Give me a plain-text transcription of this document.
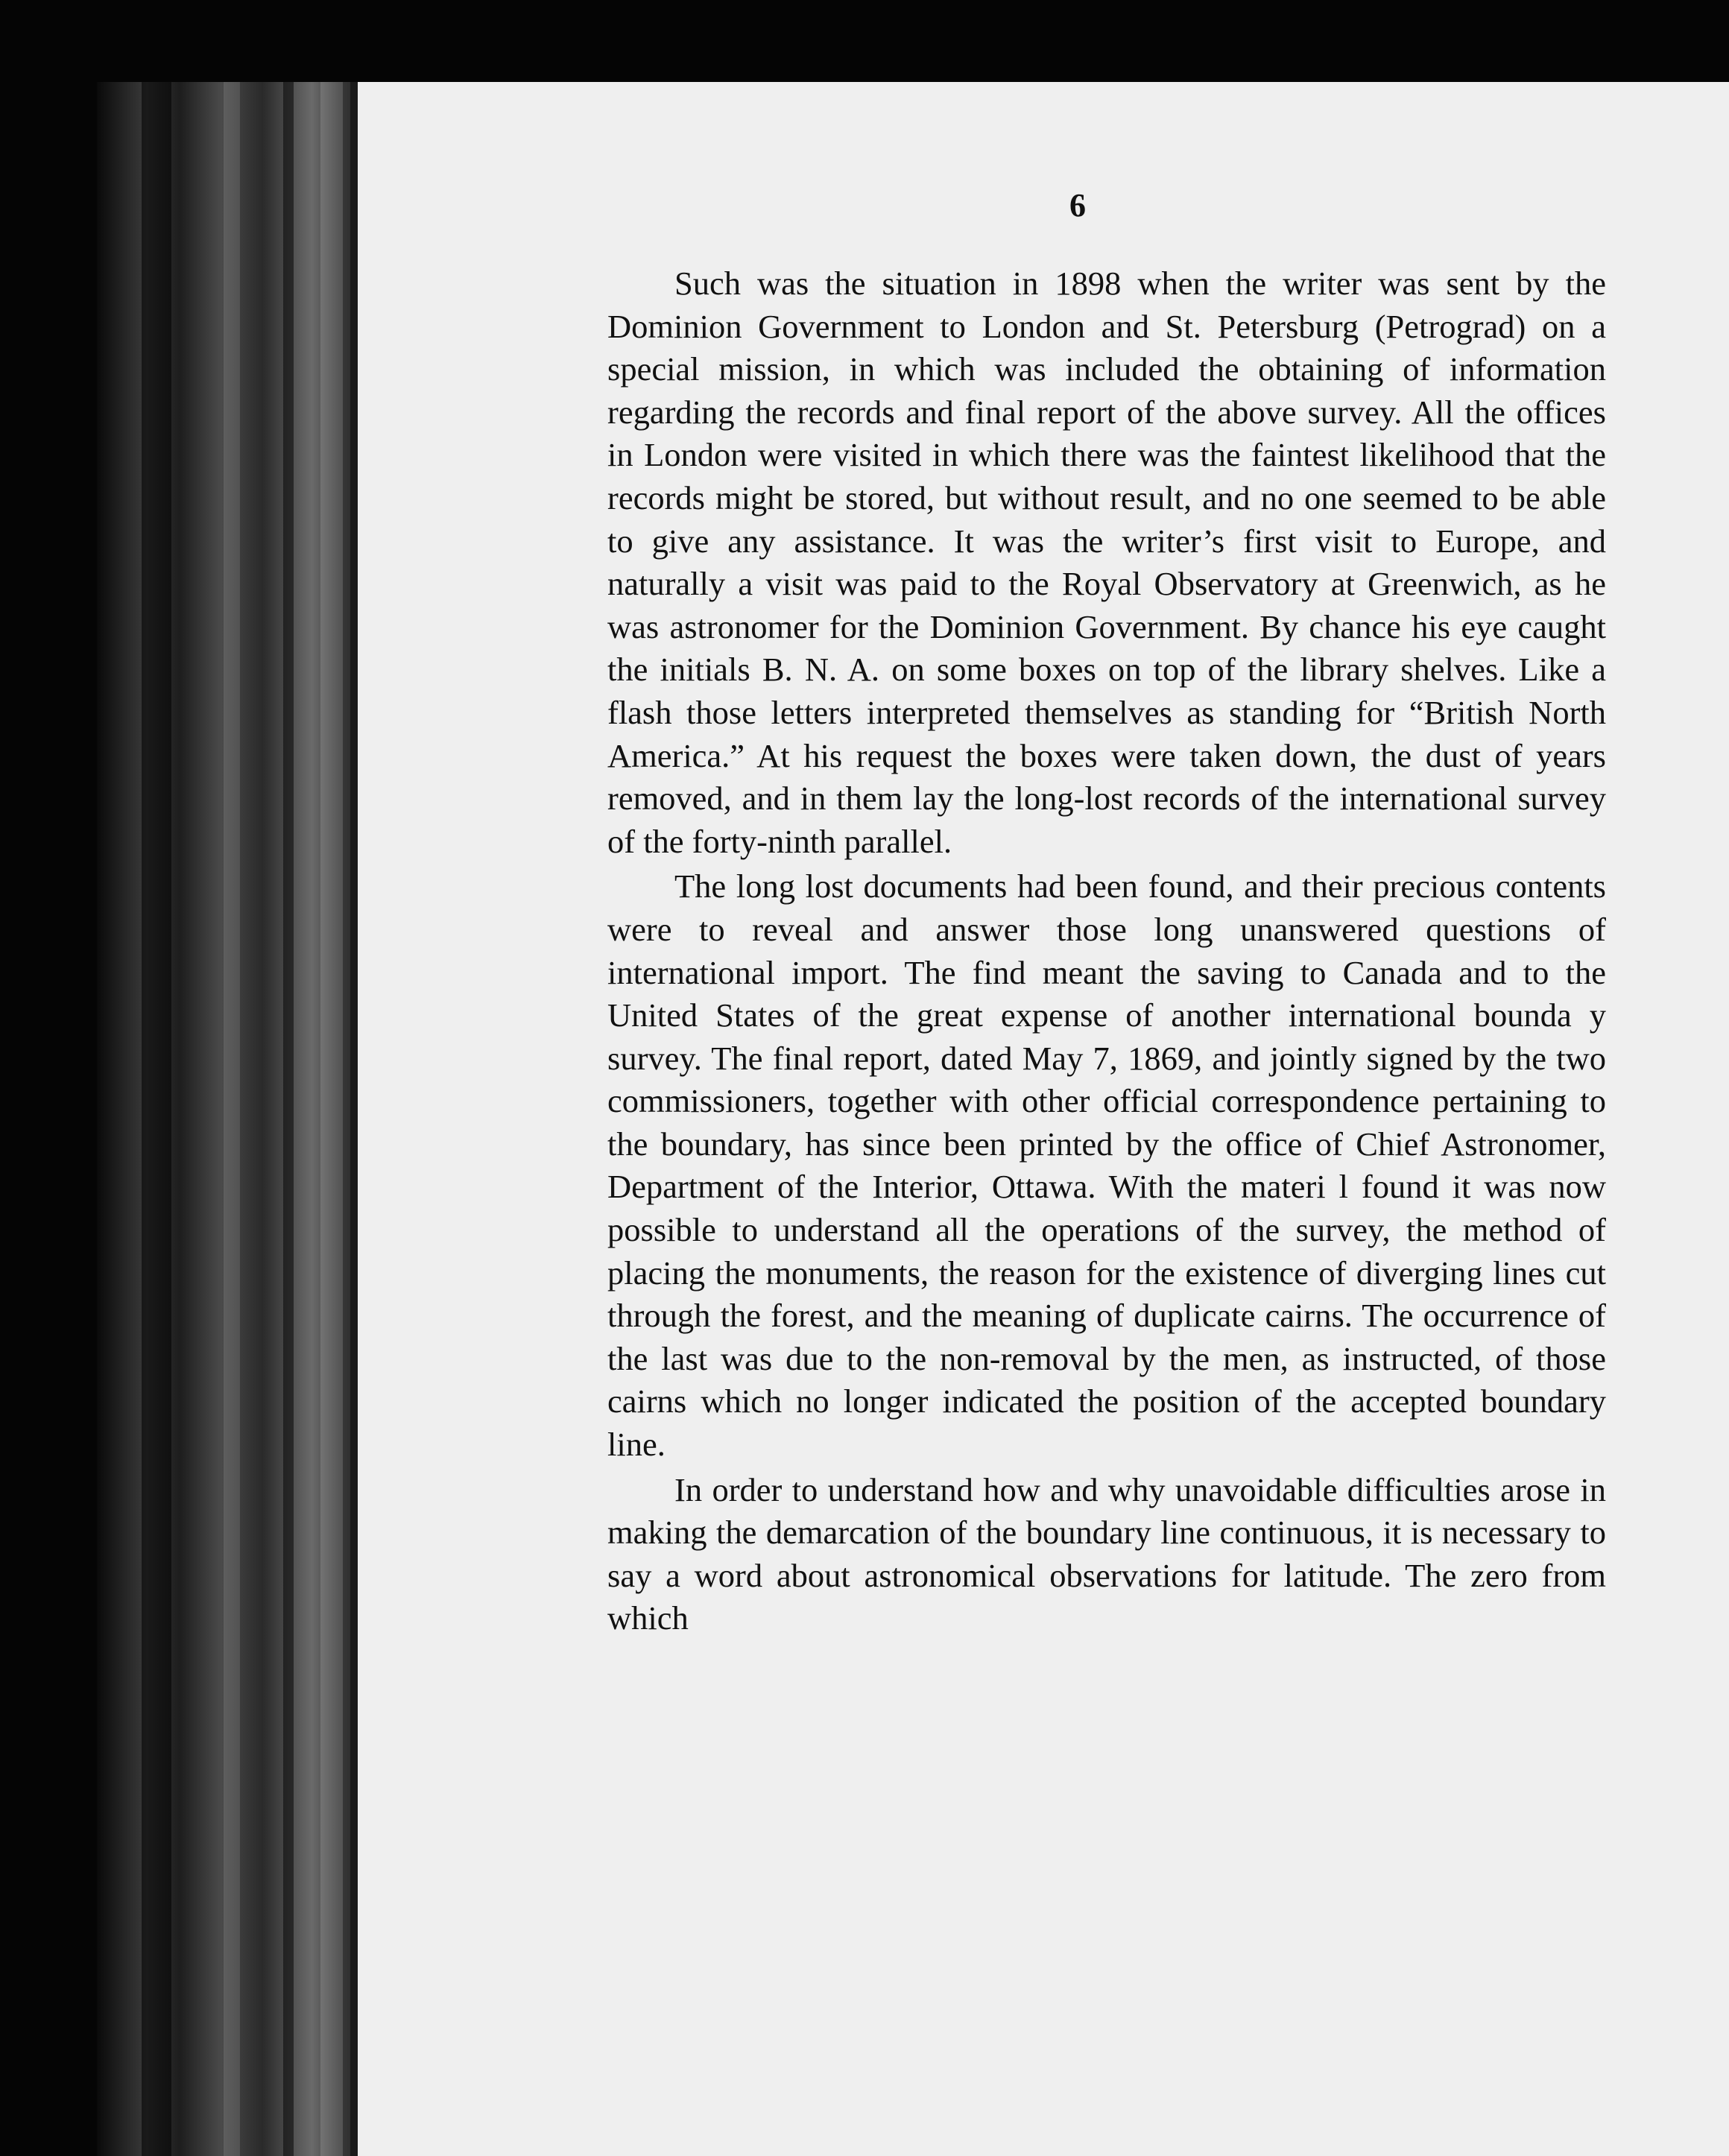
6

Such was the situation in 1898 when the writer was sent by the Dominion Government to London and St. Petersburg (Petrograd) on a special mission, in which was included the obtaining of information regarding the records and final report of the above survey. All the offices in London were visited in which there was the faintest likelihood that the records might be stored, but without result, and no one seemed to be able to give any assistance. It was the writer’s first visit to Europe, and naturally a visit was paid to the Royal Observatory at Greenwich, as he was astronomer for the Dominion Government. By chance his eye caught the initials B. N. A. on some boxes on top of the library shelves. Like a flash those letters interpreted themselves as standing for “British North America.” At his request the boxes were taken down, the dust of years removed, and in them lay the long-lost records of the international survey of the forty-ninth parallel.

The long lost documents had been found, and their precious contents were to reveal and answer those long unanswered questions of international import. The find meant the saving to Canada and to the United States of the great expense of another international bounda y survey. The final report, dated May 7, 1869, and jointly signed by the two commissioners, together with other official correspondence pertaining to the boundary, has since been printed by the office of Chief Astronomer, Department of the Interior, Ottawa. With the materi l found it was now possible to understand all the operations of the survey, the method of placing the monuments, the reason for the existence of diverging lines cut through the forest, and the meaning of duplicate cairns. The occurrence of the last was due to the non-removal by the men, as instructed, of those cairns which no longer indicated the position of the accepted boundary line.

In order to understand how and why unavoidable difficulties arose in making the demarcation of the boundary line continuous, it is necessary to say a word about astronomical observations for latitude. The zero from which
